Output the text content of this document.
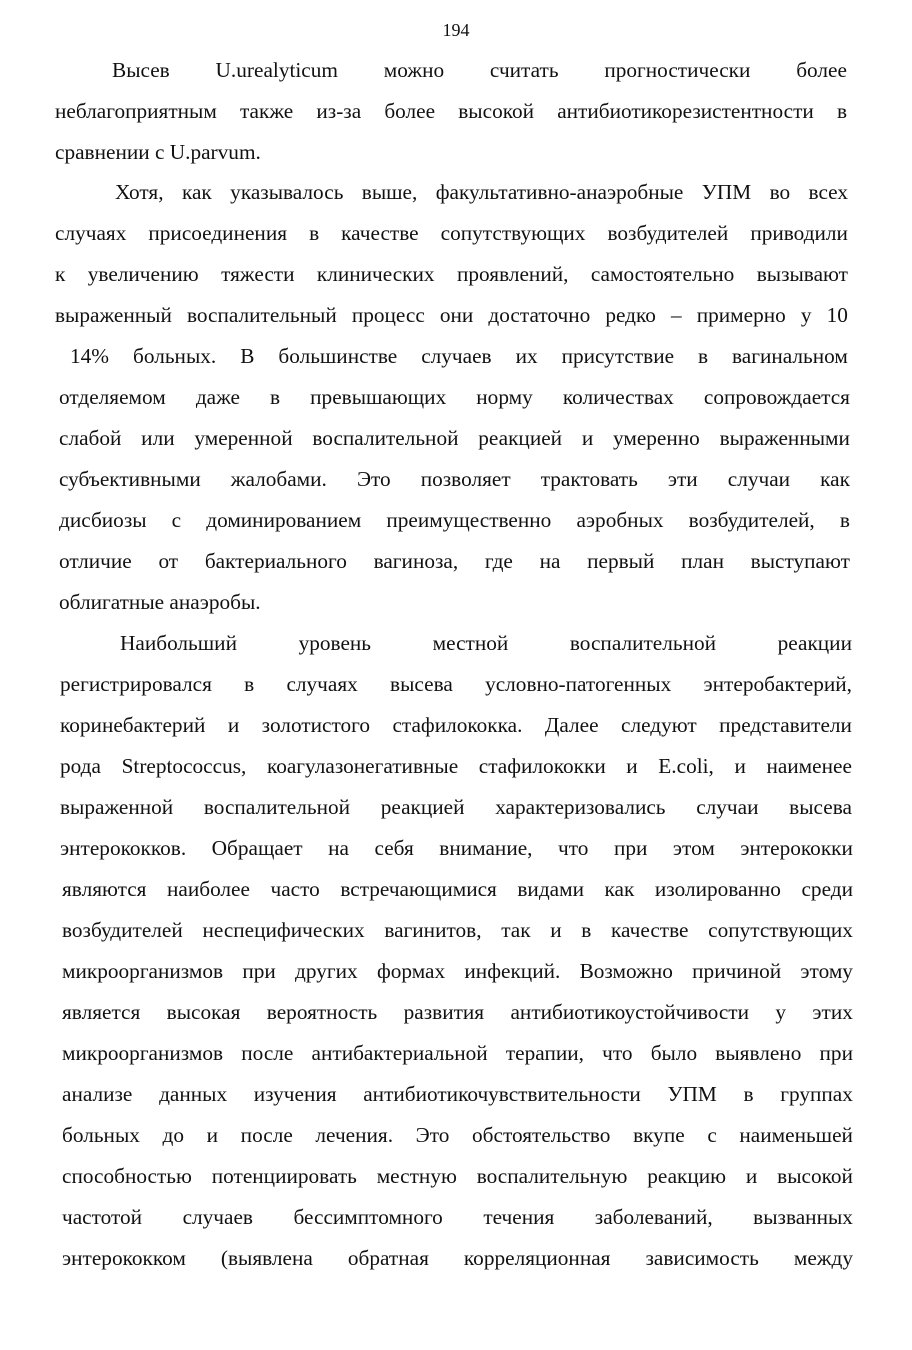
194
Высев U.urealyticum можно считать прогностически более
неблагоприятным также из-за более высокой антибиотикорезистентности в
сравнении с U.parvum.
Хотя, как указывалось выше, факультативно-анаэробные УПМ во всех
случаях присоединения в качестве сопутствующих возбудителей приводили
к увеличению тяжести клинических проявлений, самостоятельно вызывают
выраженный воспалительный процесс они достаточно редко – примерно у 10
14% больных. В большинстве случаев их присутствие в вагинальном
отделяемом даже в превышающих норму количествах сопровождается
слабой или умеренной воспалительной реакцией и умеренно выраженными
субъективными жалобами. Это позволяет трактовать эти случаи как
дисбиозы с доминированием преимущественно аэробных возбудителей, в
отличие от бактериального вагиноза, где на первый план выступают
облигатные анаэробы.
Наибольший	уровень	местной	воспалительной	реакции
регистрировался в случаях высева условно-патогенных энтеробактерий,
коринебактерий и золотистого стафилококка. Далее следуют представители
рода Streptococcus, коагулазонегативные стафилококки и E.coli, и наименее
выраженной воспалительной реакцией характеризовались случаи высева
энтерококков. Обращает на себя внимание, что при этом энтерококки
являются наиболее часто встречающимися видами как изолированно среди
возбудителей неспецифических вагинитов, так и в качестве сопутствующих
микроорганизмов при других формах инфекций. Возможно причиной этому
является высокая вероятность развития антибиотикоустойчивости у этих
микроорганизмов после антибактериальной терапии, что было выявлено при
анализе данных изучения антибиотикочувствительности УПМ в группах
больных до и после лечения. Это обстоятельство вкупе с наименьшей
способностью потенциировать местную воспалительную реакцию и высокой
частотой случаев бессимптомного течения заболеваний, вызванных
энтерококком (выявлена обратная корреляционная зависимость между
